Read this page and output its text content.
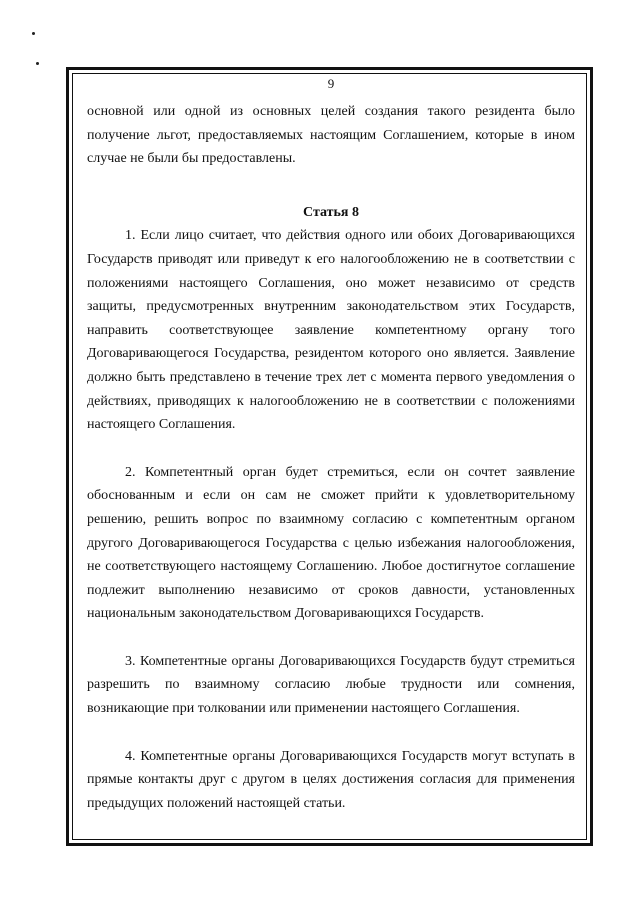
9

основной или одной из основных целей создания такого резидента было получение льгот, предоставляемых настоящим Соглашением, которые в ином случае не были бы предоставлены.

Статья 8

1. Если лицо считает, что действия одного или обоих Договаривающихся Государств приводят или приведут к его налогообложению не в соответствии с положениями настоящего Соглашения, оно может независимо от средств защиты, предусмотренных внутренним законодательством этих Государств, направить соответствующее заявление компетентному органу того Договаривающегося Государства, резидентом которого оно является. Заявление должно быть представлено в течение трех лет с момента первого уведомления о действиях, приводящих к налогообложению не в соответствии с положениями настоящего Соглашения.

2. Компетентный орган будет стремиться, если он сочтет заявление обоснованным и если он сам не сможет прийти к удовлетворительному решению, решить вопрос по взаимному согласию с компетентным органом другого Договаривающегося Государства с целью избежания налогообложения, не соответствующего настоящему Соглашению. Любое достигнутое соглашение подлежит выполнению независимо от сроков давности, установленных национальным законодательством Договаривающихся Государств.

3. Компетентные органы Договаривающихся Государств будут стремиться разрешить по взаимному согласию любые трудности или сомнения, возникающие при толковании или применении настоящего Соглашения.

4. Компетентные органы Договаривающихся Государств могут вступать в прямые контакты друг с другом в целях достижения согласия для применения предыдущих положений настоящей статьи.
